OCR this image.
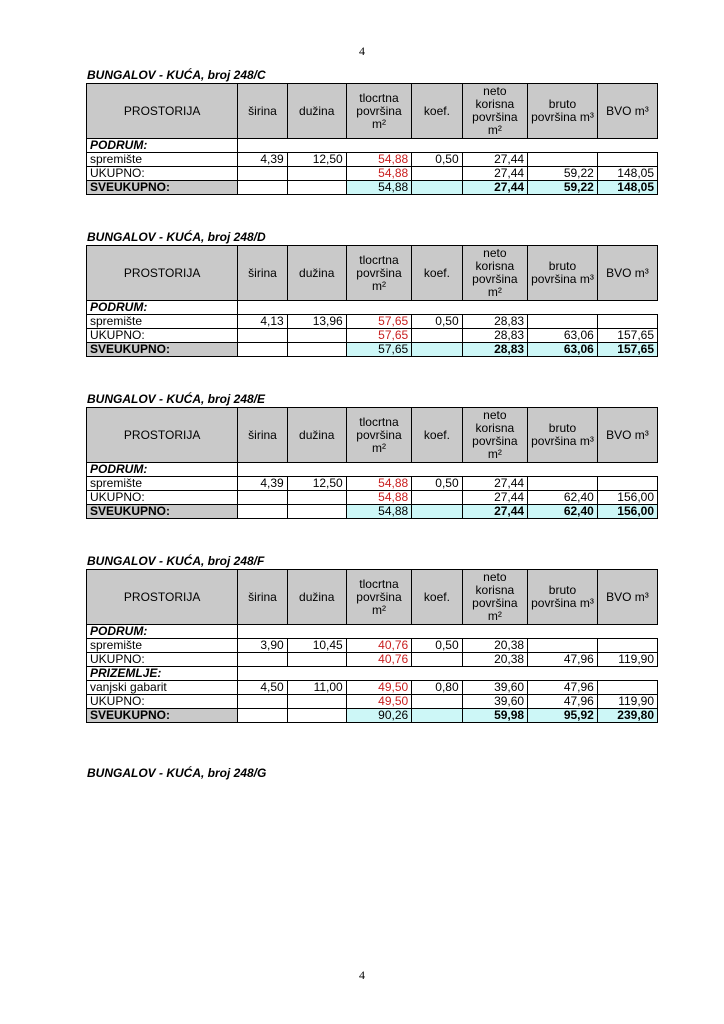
4
BUNGALOV - KUĆA, broj 248/C
PROSTORIJA	širina	dužina	tlocrtna površina m²	koef.	neto korisna površina m²	bruto površina m³	BVO m³
PODRUM:							
spremište	4,39	12,50	54,88	0,50	27,44		
UKUPNO:			54,88		27,44	59,22	148,05
SVEUKUPNO:			54,88		27,44	59,22	148,05
BUNGALOV - KUĆA, broj 248/D
PROSTORIJA	širina	dužina	tlocrtna površina m²	koef.	neto korisna površina m²	bruto površina m³	BVO m³
PODRUM:							
spremište	4,13	13,96	57,65	0,50	28,83		
UKUPNO:			57,65		28,83	63,06	157,65
SVEUKUPNO:			57,65		28,83	63,06	157,65
BUNGALOV - KUĆA, broj 248/E
PROSTORIJA	širina	dužina	tlocrtna površina m²	koef.	neto korisna površina m²	bruto površina m³	BVO m³
PODRUM:							
spremište	4,39	12,50	54,88	0,50	27,44		
UKUPNO:			54,88		27,44	62,40	156,00
SVEUKUPNO:			54,88		27,44	62,40	156,00
BUNGALOV - KUĆA, broj 248/F
PROSTORIJA	širina	dužina	tlocrtna površina m²	koef.	neto korisna površina m²	bruto površina m³	BVO m³
PODRUM:							
spremište	3,90	10,45	40,76	0,50	20,38		
UKUPNO:			40,76		20,38	47,96	119,90
PRIZEMLJE:							
vanjski gabarit	4,50	11,00	49,50	0,80	39,60	47,96	
UKUPNO:			49,50		39,60	47,96	119,90
SVEUKUPNO:			90,26		59,98	95,92	239,80
BUNGALOV - KUĆA, broj 248/G
4
